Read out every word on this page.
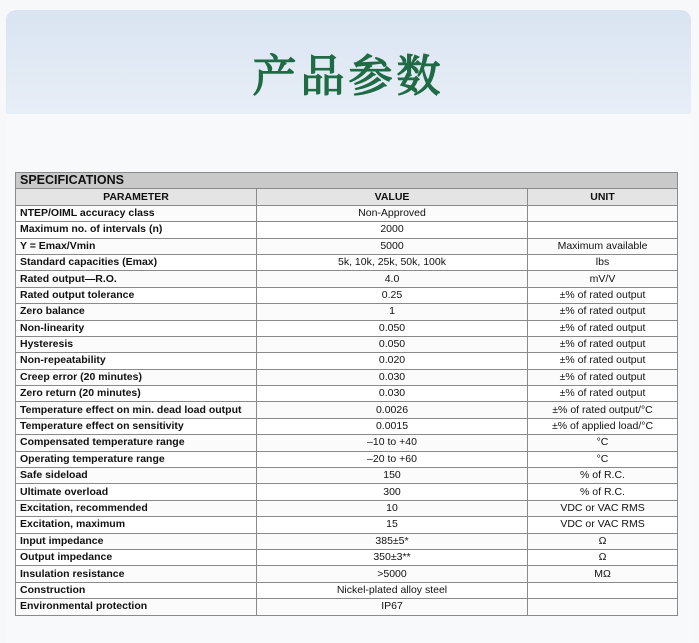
产品参数
SPECIFICATIONS		
PARAMETER	VALUE	UNIT
NTEP/OIML accuracy class	Non-Approved	
Maximum no. of intervals (n)	2000	
Y = Emax/Vmin	5000	Maximum available
Standard capacities (Emax)	5k, 10k, 25k, 50k, 100k	lbs
Rated output—R.O.	4.0	mV/V
Rated output tolerance	0.25	±% of rated output
Zero balance	1	±% of rated output
Non-linearity	0.050	±% of rated output
Hysteresis	0.050	±% of rated output
Non-repeatability	0.020	±% of rated output
Creep error (20 minutes)	0.030	±% of rated output
Zero return (20 minutes)	0.030	±% of rated output
Temperature effect on min. dead load output	0.0026	±% of rated output/°C
Temperature effect on sensitivity	0.0015	±% of applied load/°C
Compensated temperature range	–10 to +40	°C
Operating temperature range	–20 to +60	°C
Safe sideload	150	% of R.C.
Ultimate overload	300	% of R.C.
Excitation, recommended	10	VDC or VAC RMS
Excitation, maximum	15	VDC or VAC RMS
Input impedance	385±5*	Ω
Output impedance	350±3**	Ω
Insulation resistance	>5000	MΩ
Construction	Nickel-plated alloy steel	
Environmental protection	IP67	
